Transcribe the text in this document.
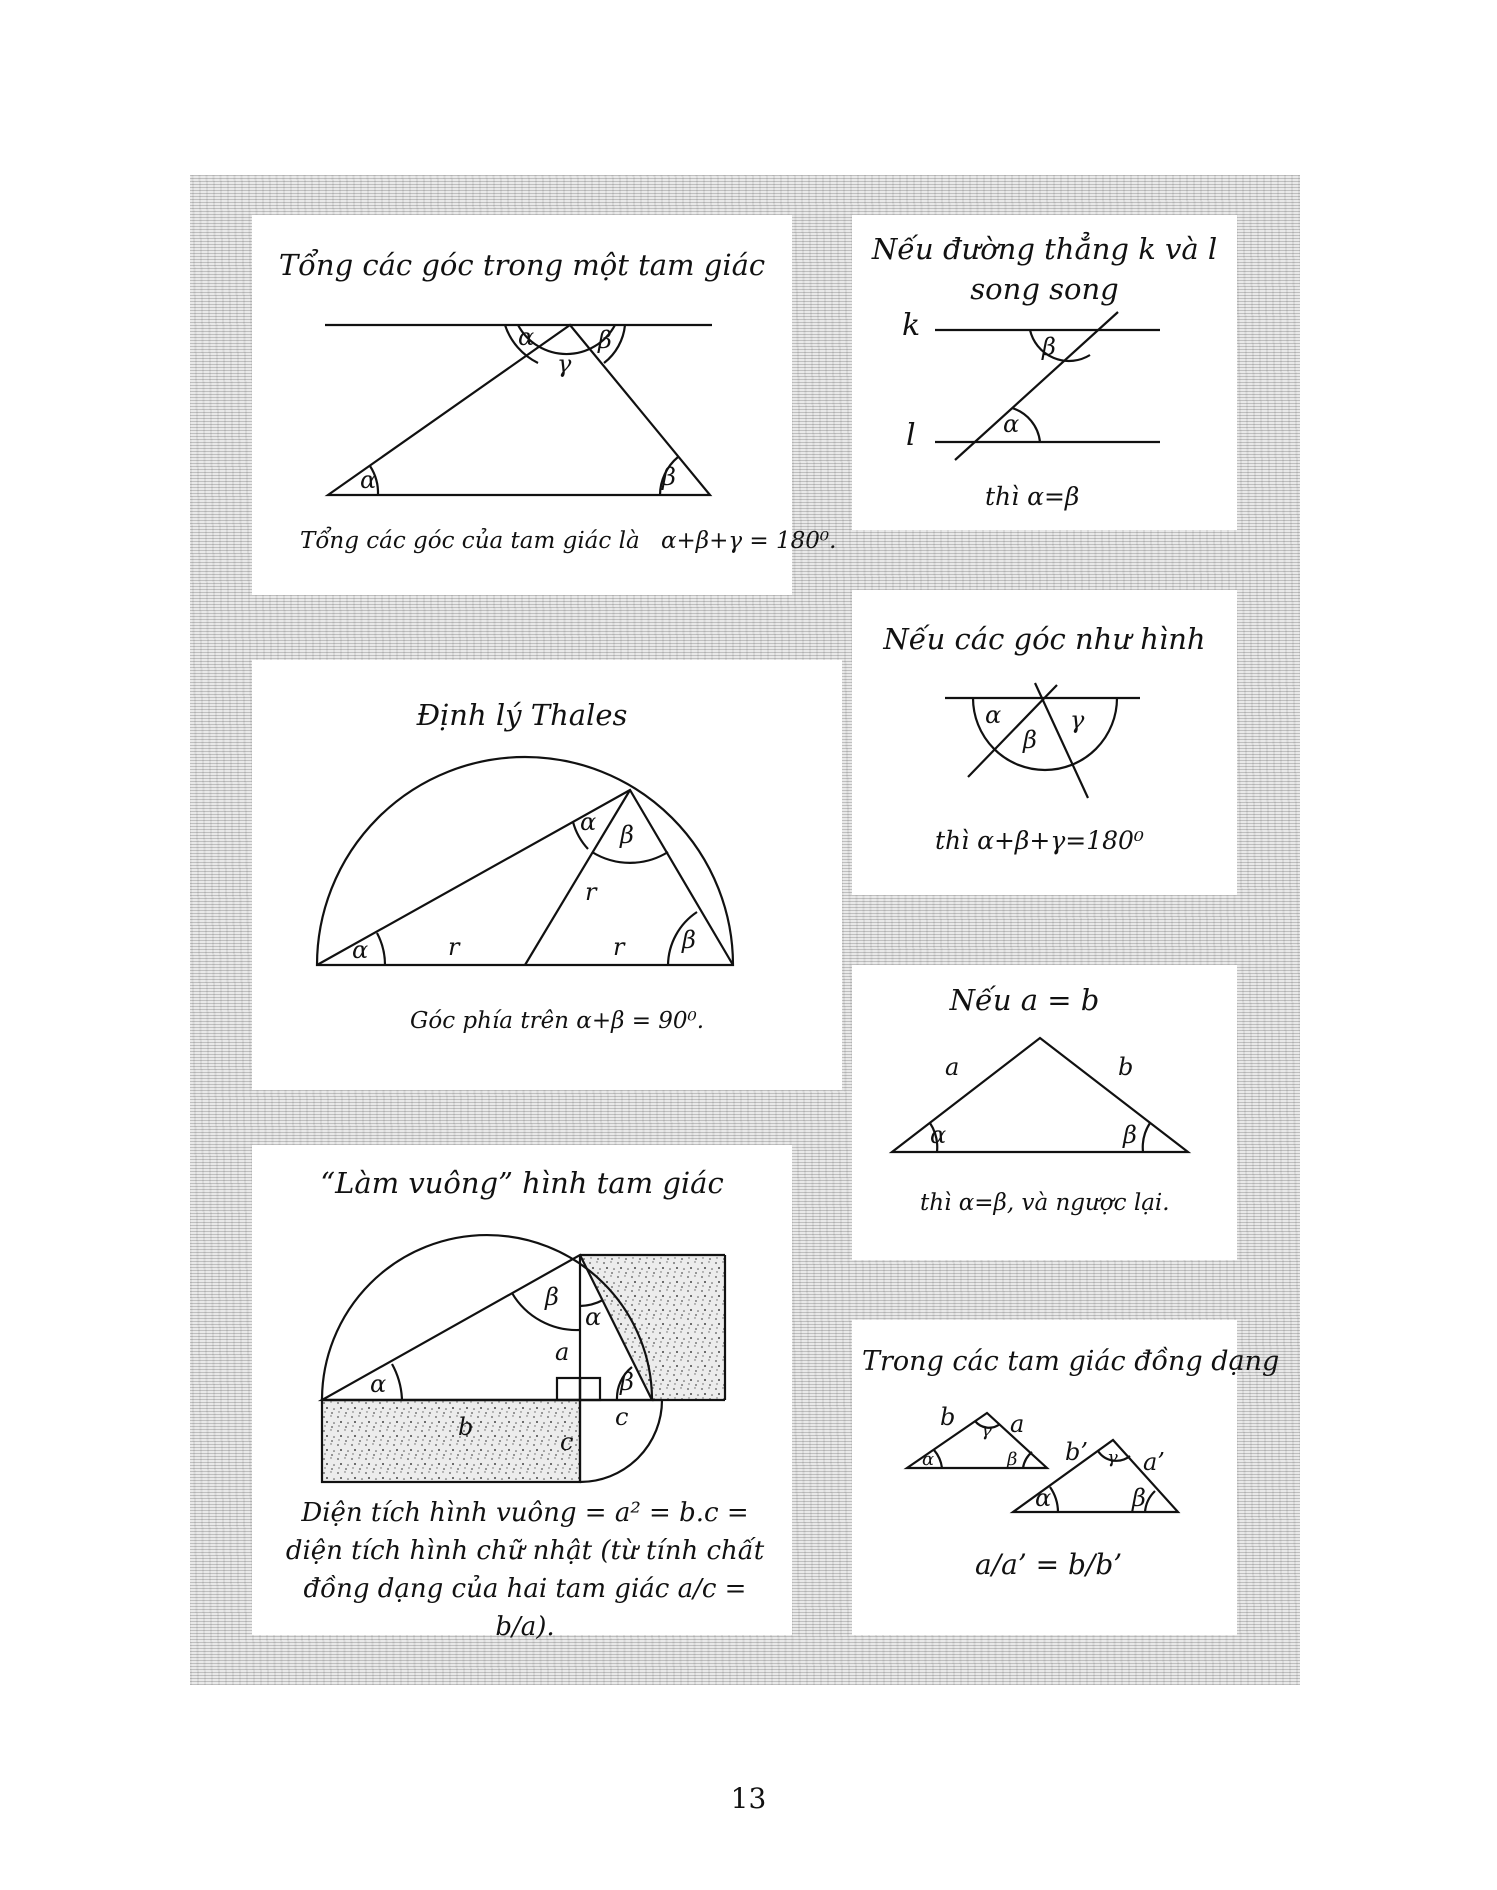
Tổng các góc trong một tam giác
Tổng các góc của tam giác là α+β+γ = 180⁰.
Nếu đường thẳng k và l
song song
thì α=β
Nếu các góc như hình
thì α+β+γ=180⁰
Định lý Thales
Góc phía trên α+β = 90⁰.
Nếu a = b
thì α=β, và ngược lại.
“Làm vuông” hình tam giác
Diện tích hình vuông = a² = b.c = diện tích hình chữ nhật (từ tính chất đồng dạng của hai tam giác a/c = b/a).
Trong các tam giác đồng dạng
a/a’ = b/b’
13
α	β
γ
α	β
k
l
β
α
α
β
γ
α	β
α β
r	r
r
a	b
α	β
α
β
α
β
a
b	c
c
b a
γ
α	β b’ a’
γ
α	β
